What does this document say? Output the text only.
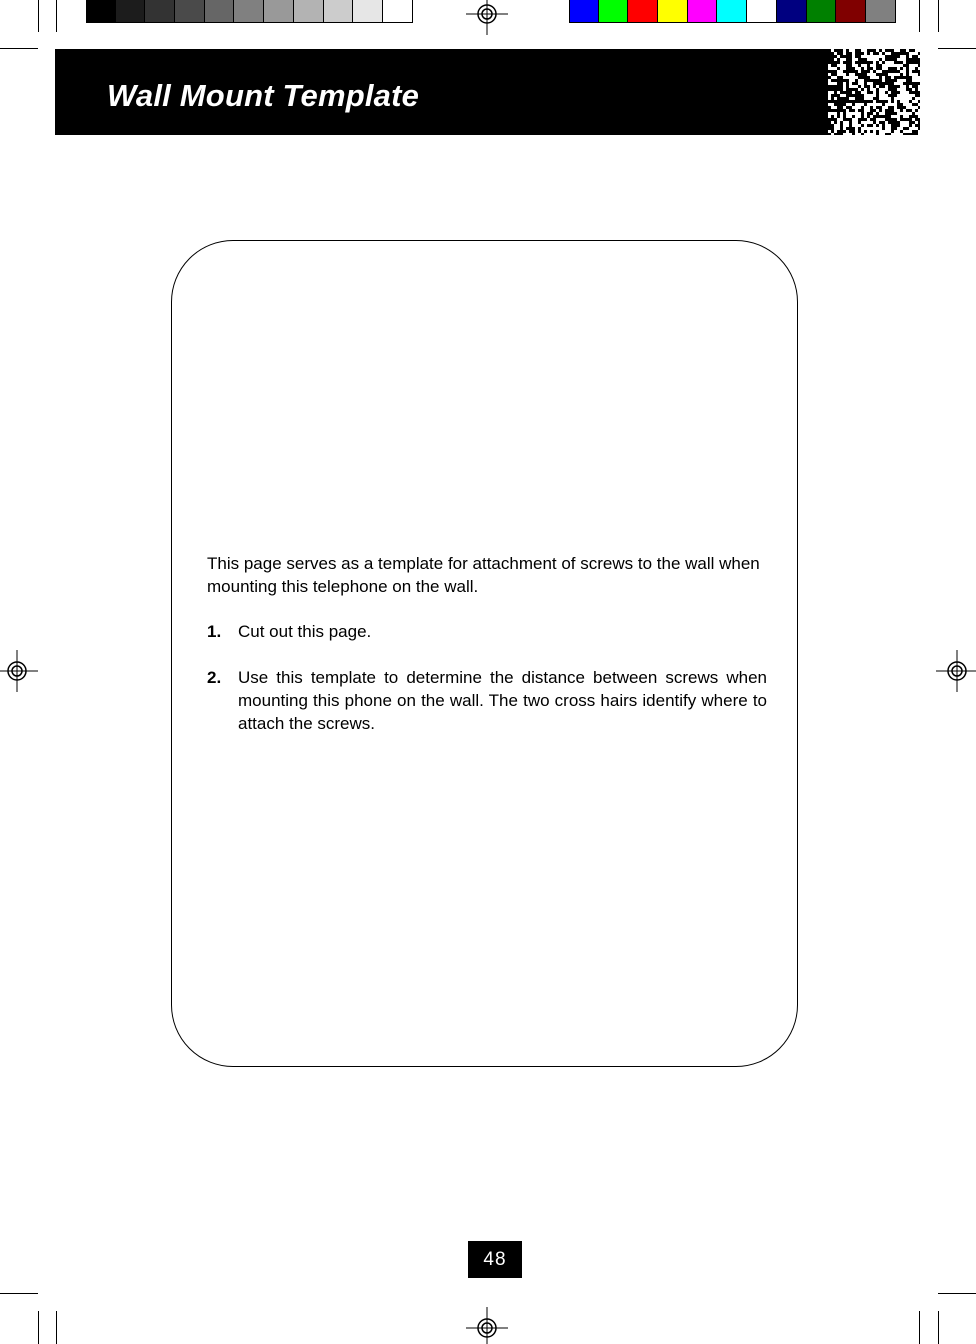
Wall Mount Template
This page serves as a template for attachment of screws to the wall when mounting this telephone on the wall.
1. Cut out this page.
2. Use this template to determine the distance between screws when mounting this phone on the wall. The two cross hairs identify where to attach the screws.
48
